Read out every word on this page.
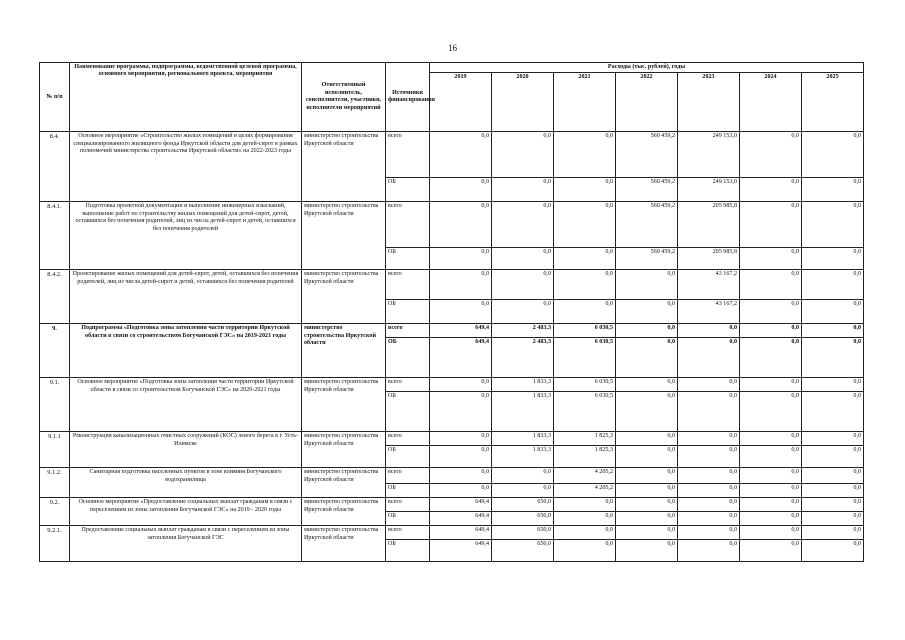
16
№ п/п	Наименование программы, подпрограммы, ведомственной целевой программы, основного мероприятия, регионального проекта, мероприятия	Ответственный исполнитель, соисполнители, участники, исполнители мероприятий	Источники финансирования	Расходы (тыс. рублей), годы						
				2019	2020	2021	2022	2023	2024	2025
8.4.	Основное мероприятие «Строительство жилых помещений в целях формирования специализированного жилищного фонда Иркутской области для детей-сирот в рамках полномочий министерства строительства Иркутской области» на 2022-2023 годы	министерство строительства Иркутской области	всего	0,0	0,0	0,0	560 459,2	249 153,0	0,0	0,0
			ОБ	0,0	0,0	0,0	560 459,2	249 153,0	0,0	0,0
8.4.1.	Подготовка проектной документации и выполнение инженерных изысканий, выполнение работ по строительству жилых помещений для детей-сирот, детей, оставшихся без попечения родителей, лиц из числа детей-сирот и детей, оставшихся без попечения родителей	министерство строительства Иркутской области	всего	0,0	0,0	0,0	560 459,2	205 985,8	0,0	0,0
			ОБ	0,0	0,0	0,0	560 459,2	205 985,8	0,0	0,0
8.4.2.	Проектирование жилых помещений для детей-сирот, детей, оставшихся без попечения родителей, лиц из числа детей-сирот и детей, оставшихся без попечения родителей	министерство строительства Иркутской области	всего	0,0	0,0	0,0	0,0	43 167,2	0,0	0,0
			ОБ	0,0	0,0	0,0	0,0	43 167,2	0,0	0,0
9.	Подпрограмма «Подготовка зоны затопления части территории Иркутской области в связи со строительством Богучанской ГЭС» на 2019-2021 годы	министерство строительства Иркутской области	всего	649,4	2 483,3	6 030,5	0,0	0,0	0,0	0,0
			ОБ	649,4	2 483,3	6 030,5	0,0	0,0	0,0	0,0
9.1.	Основное мероприятие «Подготовка зоны затопления части территории Иркутской области в связи со строительством Богучанской ГЭС» на 2020-2021 годы	министерство строительства Иркутской области	всего	0,0	1 833,3	6 030,5	0,0	0,0	0,0	0,0
			ОБ	0,0	1 833,3	6 030,5	0,0	0,0	0,0	0,0
9.1.1	Реконструкция канализационных очистных сооружений (КОС) левого берега в г. Усть-Илимске	министерство строительства Иркутской области	всего	0,0	1 833,3	1 825,3	0,0	0,0	0,0	0,0
			ОБ	0,0	1 833,3	1 825,3	0,0	0,0	0,0	0,0
9.1.2.	Санитарная подготовка населенных пунктов в зоне влияния Богучанского водохранилища	министерство строительства Иркутской области	всего	0,0	0,0	4 205,2	0,0	0,0	0,0	0,0
			ОБ	0,0	0,0	4 205,2	0,0	0,0	0,0	0,0
9.2.	Основное мероприятие «Предоставление социальных выплат гражданам в связи с переселением из зоны затопления Богучанской ГЭС» на 2019 - 2020 годы	министерство строительства Иркутской области	всего	649,4	650,0	0,0	0,0	0,0	0,0	0,0
			ОБ	649,4	650,0	0,0	0,0	0,0	0,0	0,0
9.2.1.	Предоставление социальных выплат гражданам в связи с переселением из зоны затопления Богучанской ГЭС	министерство строительства Иркутской области	всего	649,4	650,0	0,0	0,0	0,0	0,0	0,0
			ОБ	649,4	650,0	0,0	0,0	0,0	0,0	0,0
